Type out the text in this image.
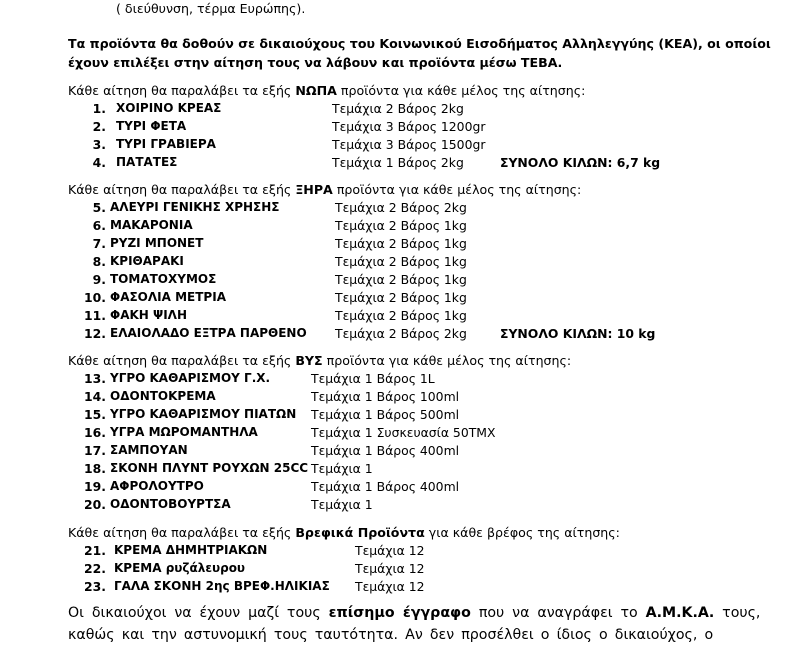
( διεύθυνση, τέρμα Ευρώπης).
Τα προϊόντα θα δοθούν σε δικαιούχους του Κοινωνικού Εισοδήματος Αλληλεγγύης (ΚΕΑ), οι οποίοι
έχουν επιλέξει στην αίτηση τους να λάβουν και προϊόντα μέσω ΤΕΒΑ.
Κάθε αίτηση θα παραλάβει τα εξής ΝΩΠΑ προϊόντα για κάθε μέλος της αίτησης:
1. ΧΟΙΡΙΝΟ ΚΡΕΑΣ	Τεμάχια 2 Βάρος 2kg
2. ΤΥΡΙ ΦΕΤΑ	Τεμάχια 3 Βάρος 1200gr
3. ΤΥΡΙ ΓΡΑΒΙΕΡΑ	Τεμάχια 3 Βάρος 1500gr
4. ΠΑΤΑΤΕΣ	Τεμάχια 1 Βάρος 2kg	ΣΥΝΟΛΟ ΚΙΛΩΝ: 6,7 kg
Κάθε αίτηση θα παραλάβει τα εξής ΞΗΡΑ προϊόντα για κάθε μέλος της αίτησης:
5. ΑΛΕΥΡΙ ΓΕΝΙΚΗΣ ΧΡΗΣΗΣ	Τεμάχια 2 Βάρος 2kg
6. ΜΑΚΑΡΟΝΙΑ	Τεμάχια 2 Βάρος 1kg
7. ΡΥΖΙ ΜΠΟΝΕΤ	Τεμάχια 2 Βάρος 1kg
8. ΚΡΙΘΑΡΑΚΙ	Τεμάχια 2 Βάρος 1kg
9. ΤΟΜΑΤΟΧΥΜΟΣ	Τεμάχια 2 Βάρος 1kg
10. ΦΑΣΟΛΙΑ ΜΕΤΡΙΑ	Τεμάχια 2 Βάρος 1kg
11. ΦΑΚΗ ΨΙΛΗ	Τεμάχια 2 Βάρος 1kg
12. ΕΛΑΙΟΛΑΔΟ ΕΞΤΡΑ ΠΑΡΘΕΝΟ Τεμάχια 2 Βάρος 2kg	ΣΥΝΟΛΟ ΚΙΛΩΝ: 10 kg
Κάθε αίτηση θα παραλάβει τα εξής ΒΥΣ προϊόντα για κάθε μέλος της αίτησης:
13. ΥΓΡΟ ΚΑΘΑΡΙΣΜΟΥ Γ.Χ.	Τεμάχια 1 Βάρος 1L
14. ΟΔΟΝΤΟΚΡΕΜΑ	Τεμάχια 1 Βάρος 100ml
15. ΥΓΡΟ ΚΑΘΑΡΙΣΜΟΥ ΠΙΑΤΩΝ Τεμάχια 1 Βάρος 500ml
16. ΥΓΡΑ ΜΩΡΟΜΑΝΤΗΛΑ	Τεμάχια 1 Συσκευασία 50ΤΜΧ
17. ΣΑΜΠΟΥΑΝ	Τεμάχια 1 Βάρος 400ml
18. ΣΚΟΝΗ ΠΛΥΝΤ ΡΟΥΧΩΝ 25CC Τεμάχια 1
19. ΑΦΡΟΛΟΥΤΡΟ	Τεμάχια 1 Βάρος 400ml
20. ΟΔΟΝΤΟΒΟΥΡΤΣΑ	Τεμάχια 1
Κάθε αίτηση θα παραλάβει τα εξής Βρεφικά Προϊόντα για κάθε βρέφος της αίτησης:
21. ΚΡΕΜΑ ΔΗΜΗΤΡΙΑΚΩΝ	Τεμάχια 12
22. ΚΡΕΜΑ ρυζάλευρου	Τεμάχια 12
23. ΓΑΛΑ ΣΚΟΝΗ 2ης ΒΡΕΦ.ΗΛΙΚΙΑΣ Τεμάχια 12
Οι δικαιούχοι να έχουν μαζί τους επίσημο έγγραφο που να αναγράφει το Α.Μ.Κ.Α. τους,
καθώς και την αστυνομική τους ταυτότητα. Αν δεν προσέλθει ο ίδιος ο δικαιούχος, ο
